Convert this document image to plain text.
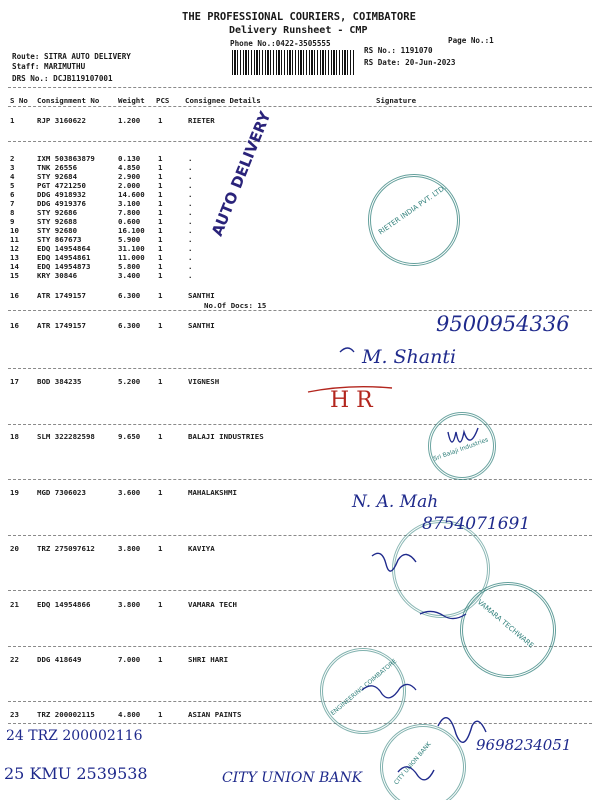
THE PROFESSIONAL COURIERS, COIMBATORE
Delivery Runsheet - CMP
Phone No.:0422-3505555	Page No.:1
Route: SITRA AUTO DELIVERY
Staff: MARIMUTHU
DRS No.: DCJB119107001
RS No.: 1191070
RS Date: 20-Jun-2023
S No Consignment No	Weight PCS Consignee Details	Signature
1	RJP 3160622	1.200 1	RIETER
2	IXM 503863879	0.130 1	.
3	TNK 26556	4.850 1	.
4	STY 92684	2.900 1	.
5	PGT 4721250	2.000 1	.
6	DDG 4918932	14.600 1	.
7	DDG 4919376	3.100 1	.
8	STY 92686	7.800 1	.
9	STY 92688	0.600 1	.
10 STY 92680	16.100 1	.
11 STY 867673	5.900 1	.
12 EDQ 14954864	31.100 1	.
13 EDQ 14954861	11.000 1	.
14 EDQ 14954873	5.800 1	.
15 KRY 30846	3.400 1	.
16 ATR 1749157	6.300 1	SANTHI
No.Of Docs: 15
16 ATR 1749157	6.300 1	SANTHI
17 BOD 384235	5.200 1	VIGNESH
18 SLM 322282598	9.650 1	BALAJI INDUSTRIES
19 MGD 7306023	3.600 1	MAHALAKSHMI
20 TRZ 275097612	3.800 1	KAVIYA
21 EDQ 14954866	3.800 1	VAMARA TECH
22 DDG 418649	7.000 1	SHRI HARI
23 TRZ 200002115	4.800 1	ASIAN PAINTS
RIETER INDIA PVT. LTD.
Sri Balaji Industries
VAMARA TECHWARE
ENGINEERING COIMBATORE
CITY UNION BANK
AUTO DELIVERY
9500954336
M. Shanti
H R
N. A. Mah
8754071691
9698234051
24 TRZ 200002116
25 KMU 2539538	CITY UNION BANK
